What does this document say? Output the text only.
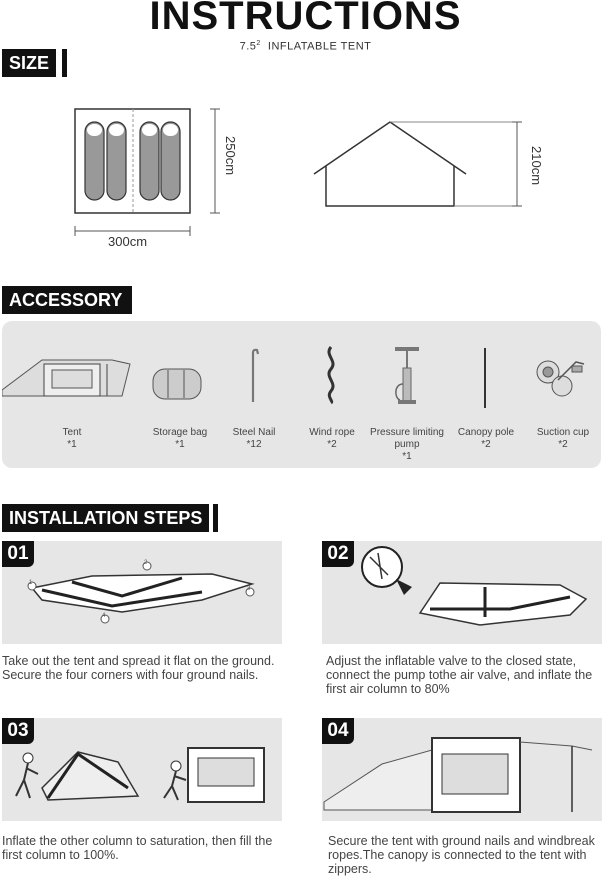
INSTRUCTIONS
$7.5^2$ INFLATABLE TENT
SIZE
250cm
300cm
210cm
ACCESSORY
Tent
*1
Storage bag
*1
Steel Nail
*12
Wind rope
*2
Pressure limiting pump
*1
Canopy pole
*2
Suction cup
*2
INSTALLATION STEPS
01
1
2
3
4
Take out the tent and spread it flat on the ground. Secure the four corners with four ground nails.
02
Adjust the inflatable valve to the closed state, connect the pump tothe air valve, and inflate the first air column to 80%
03
Inflate the other column to saturation, then fill the first column to 100%.
04
Secure the tent with ground nails and windbreak ropes.The canopy is connected to the tent with zippers.
